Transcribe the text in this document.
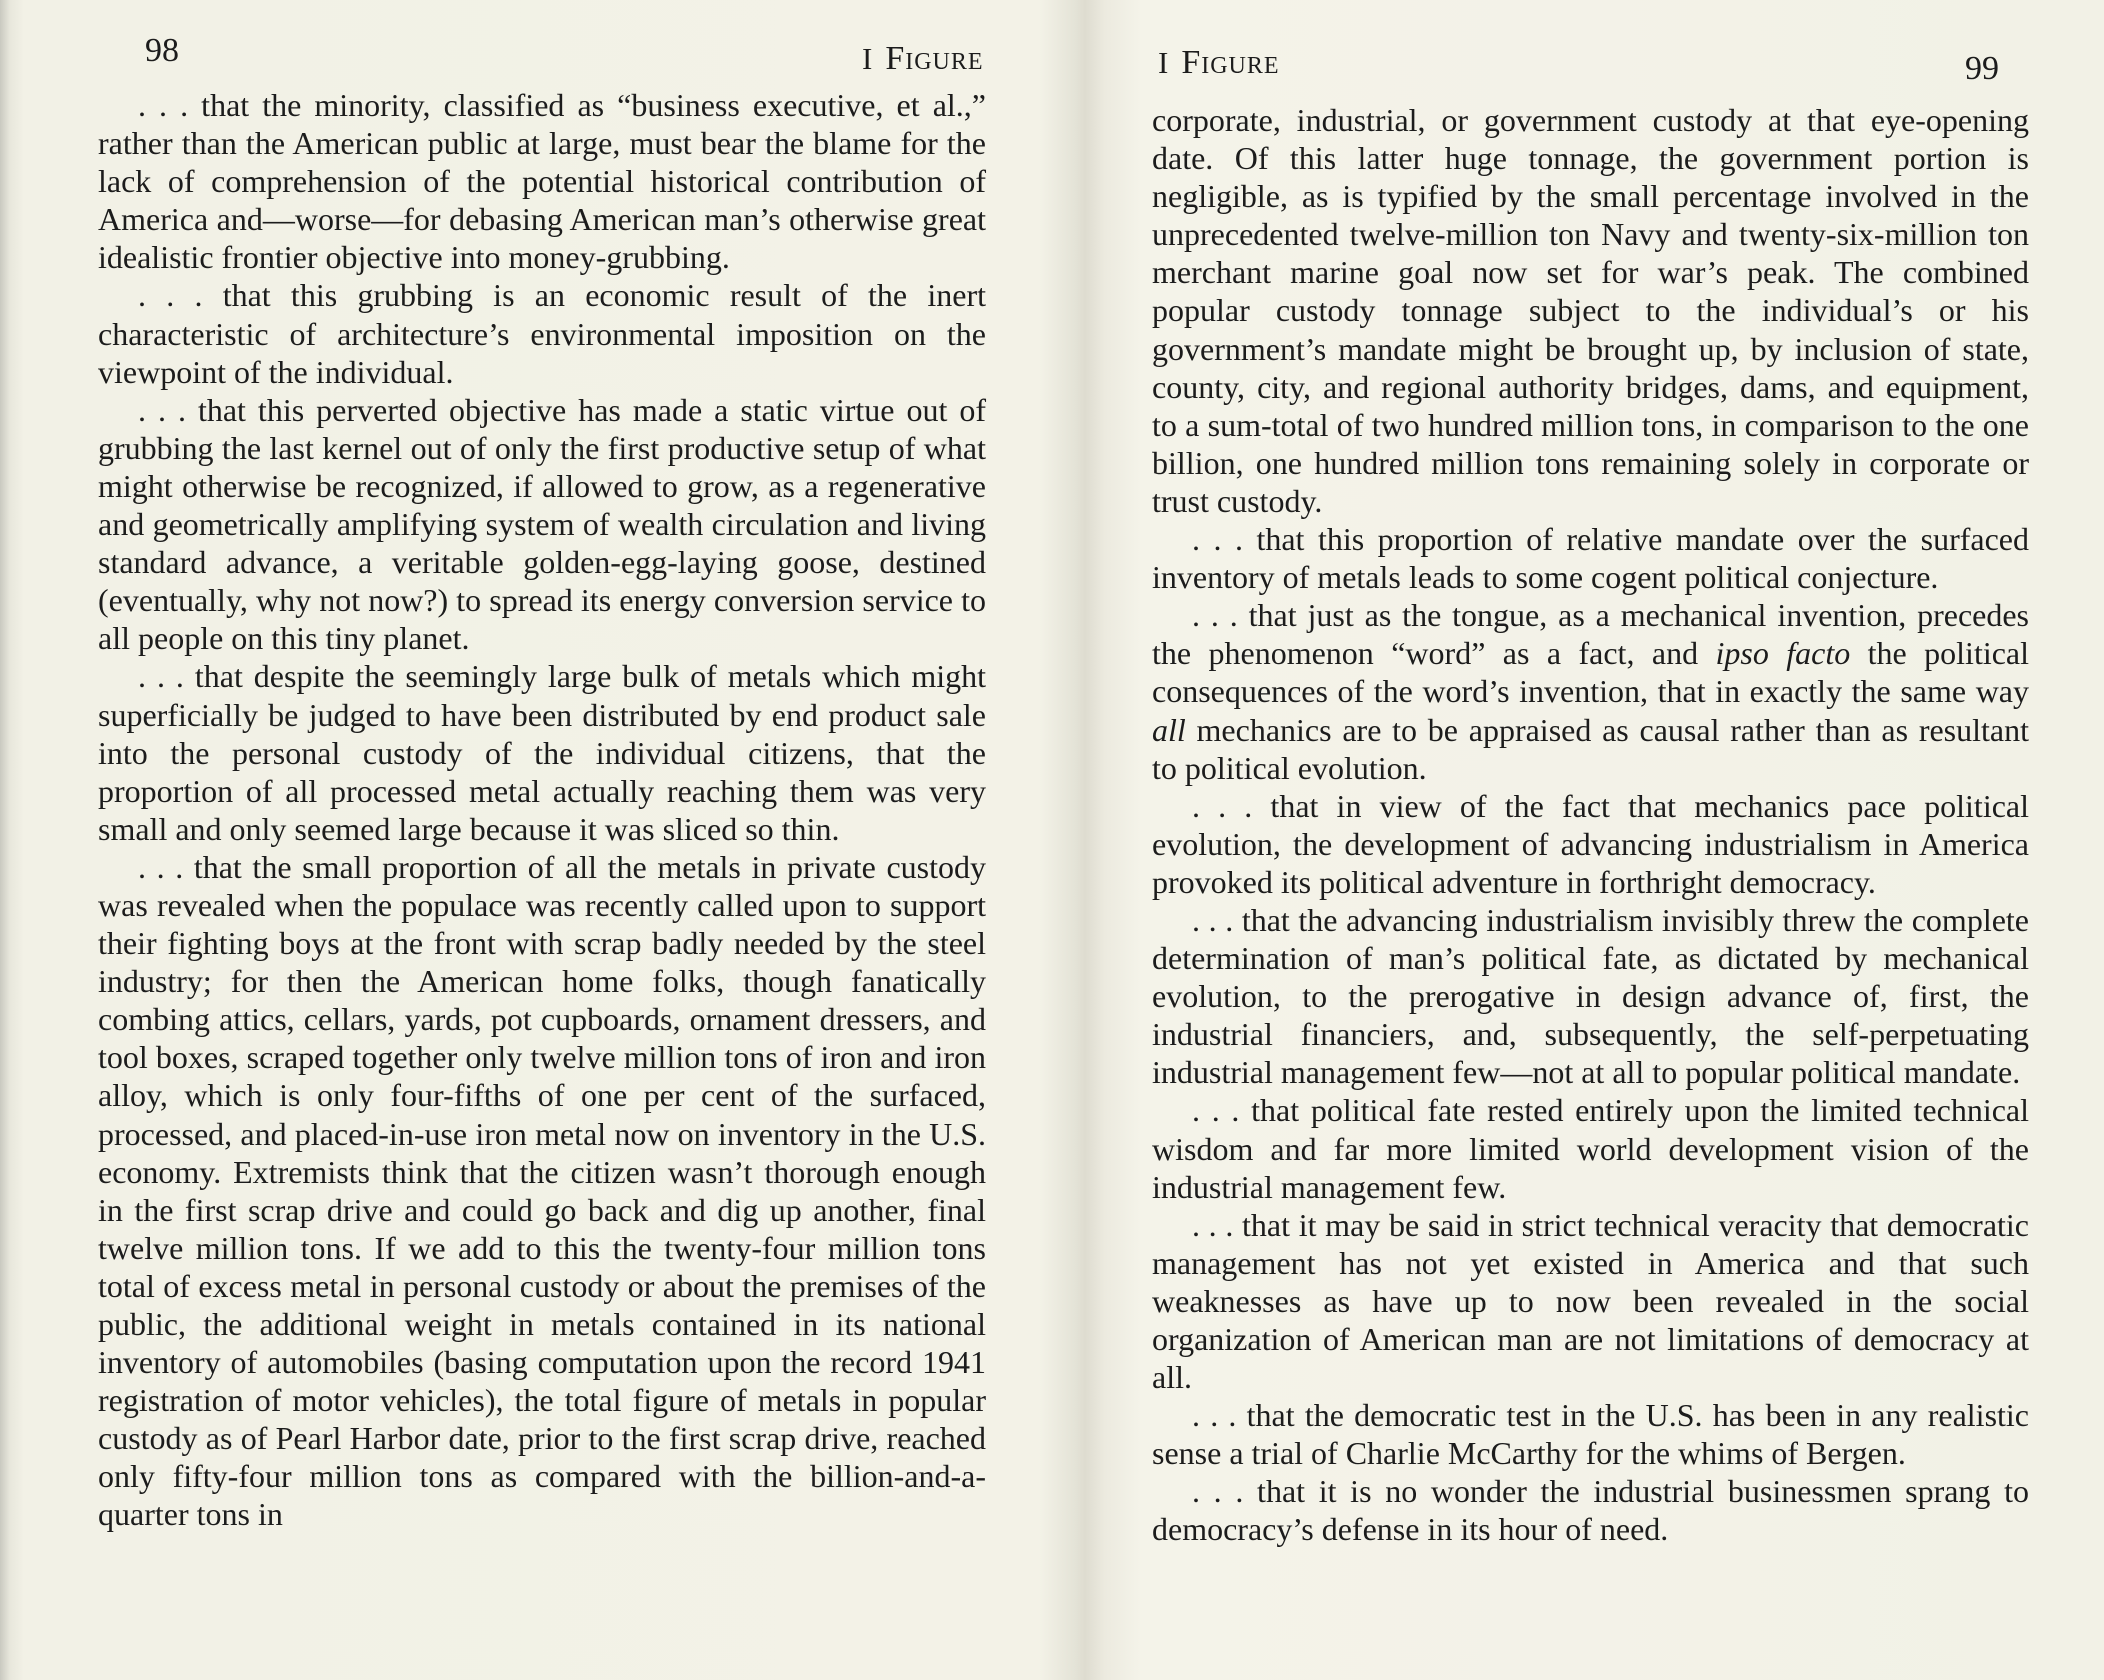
98	I Figure

. . . that the minority, classified as “business executive, et al.,” rather than the American public at large, must bear the blame for the lack of comprehension of the potential historical contribution of America and—worse—for debasing American man’s otherwise great idealistic frontier objective into money-grubbing.

. . . that this grubbing is an economic result of the inert characteristic of architecture’s environmental imposition on the viewpoint of the individual.

. . . that this perverted objective has made a static virtue out of grubbing the last kernel out of only the first productive setup of what might otherwise be recognized, if allowed to grow, as a regenerative and geometrically amplifying system of wealth circulation and living standard advance, a veritable golden-egg-laying goose, destined (eventually, why not now?) to spread its energy conversion service to all people on this tiny planet.

. . . that despite the seemingly large bulk of metals which might superficially be judged to have been distributed by end product sale into the personal custody of the individual citizens, that the proportion of all processed metal actually reaching them was very small and only seemed large because it was sliced so thin.

. . . that the small proportion of all the metals in private custody was revealed when the populace was recently called upon to support their fighting boys at the front with scrap badly needed by the steel industry; for then the American home folks, though fanatically combing attics, cellars, yards, pot cupboards, ornament dressers, and tool boxes, scraped together only twelve million tons of iron and iron alloy, which is only four-fifths of one per cent of the surfaced, processed, and placed-in-use iron metal now on inventory in the U.S. economy. Extremists think that the citizen wasn’t thorough enough in the first scrap drive and could go back and dig up another, final twelve million tons. If we add to this the twenty-four million tons total of excess metal in personal custody or about the premises of the public, the additional weight in metals contained in its national inventory of automobiles (basing computation upon the record 1941 registration of motor vehicles), the total figure of metals in popular custody as of Pearl Harbor date, prior to the first scrap drive, reached only fifty-four million tons as compared with the billion-and-a-quarter tons in

I Figure	99

corporate, industrial, or government custody at that eye-opening date. Of this latter huge tonnage, the government portion is negligible, as is typified by the small percentage involved in the unprecedented twelve-million ton Navy and twenty-six-million ton merchant marine goal now set for war’s peak. The combined popular custody tonnage subject to the individual’s or his government’s mandate might be brought up, by inclusion of state, county, city, and regional authority bridges, dams, and equipment, to a sum-total of two hundred million tons, in comparison to the one billion, one hundred million tons remaining solely in corporate or trust custody.

. . . that this proportion of relative mandate over the surfaced inventory of metals leads to some cogent political conjecture.

. . . that just as the tongue, as a mechanical invention, precedes the phenomenon “word” as a fact, and ipso facto the political consequences of the word’s invention, that in exactly the same way all mechanics are to be appraised as causal rather than as resultant to political evolution.

. . . that in view of the fact that mechanics pace political evolution, the development of advancing industrialism in America provoked its political adventure in forthright democracy.

. . . that the advancing industrialism invisibly threw the complete determination of man’s political fate, as dictated by mechanical evolution, to the prerogative in design advance of, first, the industrial financiers, and, subsequently, the self-perpetuating industrial management few—not at all to popular political mandate.

. . . that political fate rested entirely upon the limited technical wisdom and far more limited world development vision of the industrial management few.

. . . that it may be said in strict technical veracity that democratic management has not yet existed in America and that such weaknesses as have up to now been revealed in the social organization of American man are not limitations of democracy at all.

. . . that the democratic test in the U.S. has been in any realistic sense a trial of Charlie McCarthy for the whims of Bergen.

. . . that it is no wonder the industrial businessmen sprang to democracy’s defense in its hour of need.
